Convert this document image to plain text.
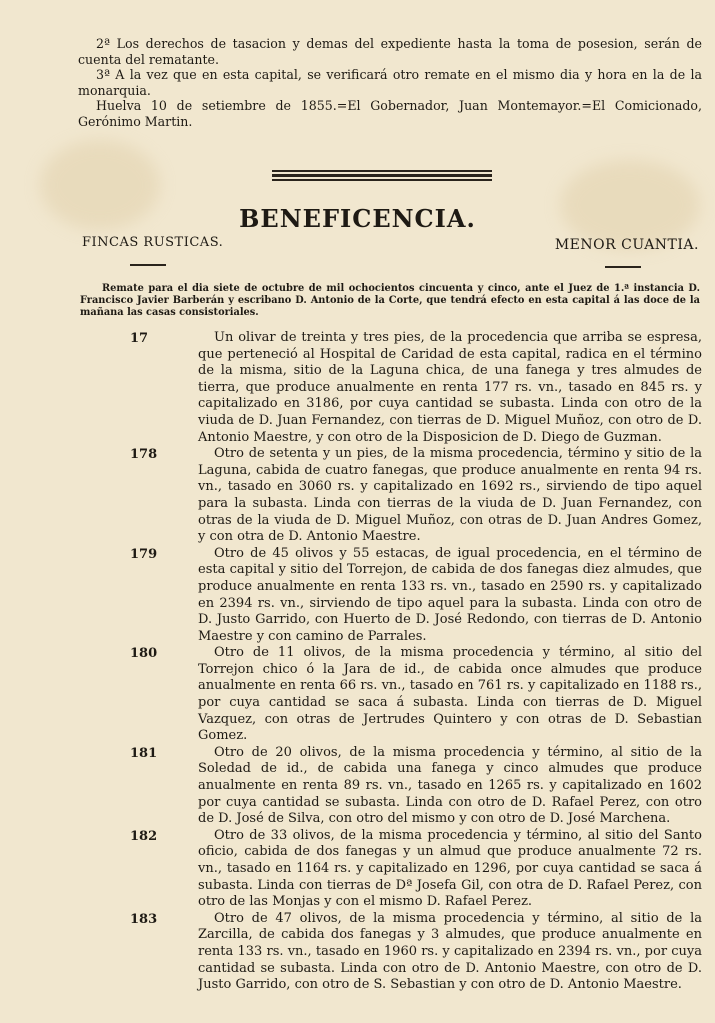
2ª Los derechos de tasacion y demas del expediente hasta la toma de posesion, serán de cuenta del rematante.

3ª A la vez que en esta capital, se verificará otro remate en el mismo dia y hora en la de la monarquia.

Huelva 10 de setiembre de 1855.=El Gobernador, Juan Montemayor.=El Comicionado, Gerónimo Martin.

BENEFICENCIA.
FINCAS RUSTICAS.	MENOR CUANTIA.

Remate para el dia siete de octubre de mil ochocientos cincuenta y cinco, ante el Juez de 1.ª instancia D. Francisco Javier Barberán y escribano D. Antonio de la Corte, que tendrá efecto en esta capital á las doce de la mañana las casas consistoriales.

17	Un olivar de treinta y tres pies, de la procedencia que arriba se espresa, que perteneció al Hospital de Caridad de esta capital, radica en el término de la misma, sitio de la Laguna chica, de una fanega y tres almudes de tierra, que produce anualmente en renta 177 rs. vn., tasado en 845 rs. y capitalizado en 3186, por cuya cantidad se subasta. Linda con otro de la viuda de D. Juan Fernandez, con tierras de D. Miguel Muñoz, con otro de D. Antonio Maestre, y con otro de la Disposicion de D. Diego de Guzman.

178	Otro de setenta y un pies, de la misma procedencia, término y sitio de la Laguna, cabida de cuatro fanegas, que produce anualmente en renta 94 rs. vn., tasado en 3060 rs. y capitalizado en 1692 rs., sirviendo de tipo aquel para la subasta. Linda con tierras de la viuda de D. Juan Fernandez, con otras de la viuda de D. Miguel Muñoz, con otras de D. Juan Andres Gomez, y con otra de D. Antonio Maestre.

179	Otro de 45 olivos y 55 estacas, de igual procedencia, en el término de esta capital y sitio del Torrejon, de cabida de dos fanegas diez almudes, que produce anualmente en renta 133 rs. vn., tasado en 2590 rs. y capitalizado en 2394 rs. vn., sirviendo de tipo aquel para la subasta. Linda con otro de D. Justo Garrido, con Huerto de D. José Redondo, con tierras de D. Antonio Maestre y con camino de Parrales.

180	Otro de 11 olivos, de la misma procedencia y término, al sitio del Torrejon chico ó la Jara de id., de cabida once almudes que produce anualmente en renta 66 rs. vn., tasado en 761 rs. y capitalizado en 1188 rs., por cuya cantidad se saca á subasta. Linda con tierras de D. Miguel Vazquez, con otras de Jertrudes Quintero y con otras de D. Sebastian Gomez.

181	Otro de 20 olivos, de la misma procedencia y término, al sitio de la Soledad de id., de cabida una fanega y cinco almudes que produce anualmente en renta 89 rs. vn., tasado en 1265 rs. y capitalizado en 1602 por cuya cantidad se subasta. Linda con otro de D. Rafael Perez, con otro de D. José de Silva, con otro del mismo y con otro de D. José Marchena.

182	Otro de 33 olivos, de la misma procedencia y término, al sitio del Santo oficio, cabida de dos fanegas y un almud que produce anualmente 72 rs. vn., tasado en 1164 rs. y capitalizado en 1296, por cuya cantidad se saca á subasta. Linda con tierras de Dª Josefa Gil, con otra de D. Rafael Perez, con otro de las Monjas y con el mismo D. Rafael Perez.

183	Otro de 47 olivos, de la misma procedencia y término, al sitio de la Zarcilla, de cabida dos fanegas y 3 almudes, que produce anualmente en renta 133 rs. vn., tasado en 1960 rs. y capitalizado en 2394 rs. vn., por cuya cantidad se subasta. Linda con otro de D. Antonio Maestre, con otro de D. Justo Garrido, con otro de S. Sebastian y con otro de D. Antonio Maestre.
